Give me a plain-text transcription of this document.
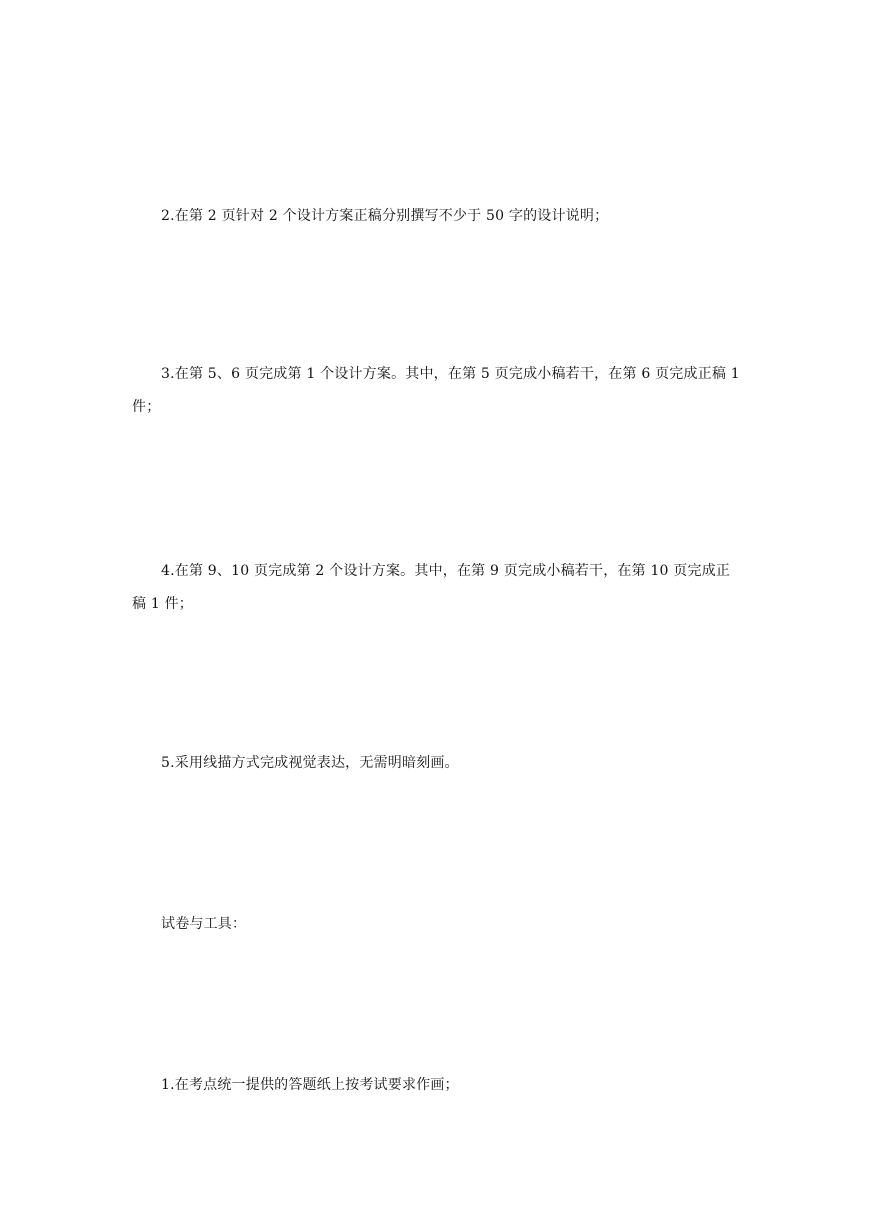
2.在第 2 页针对 2 个设计方案正稿分别撰写不少于 50 字的设计说明；

3.在第 5、6 页完成第 1 个设计方案。其中，在第 5 页完成小稿若干，在第 6 页完成正稿 1 件；

4.在第 9、10 页完成第 2 个设计方案。其中，在第 9 页完成小稿若干，在第 10 页完成正稿 1 件；

5.采用线描方式完成视觉表达，无需明暗刻画。

试卷与工具：

1.在考点统一提供的答题纸上按考试要求作画；
